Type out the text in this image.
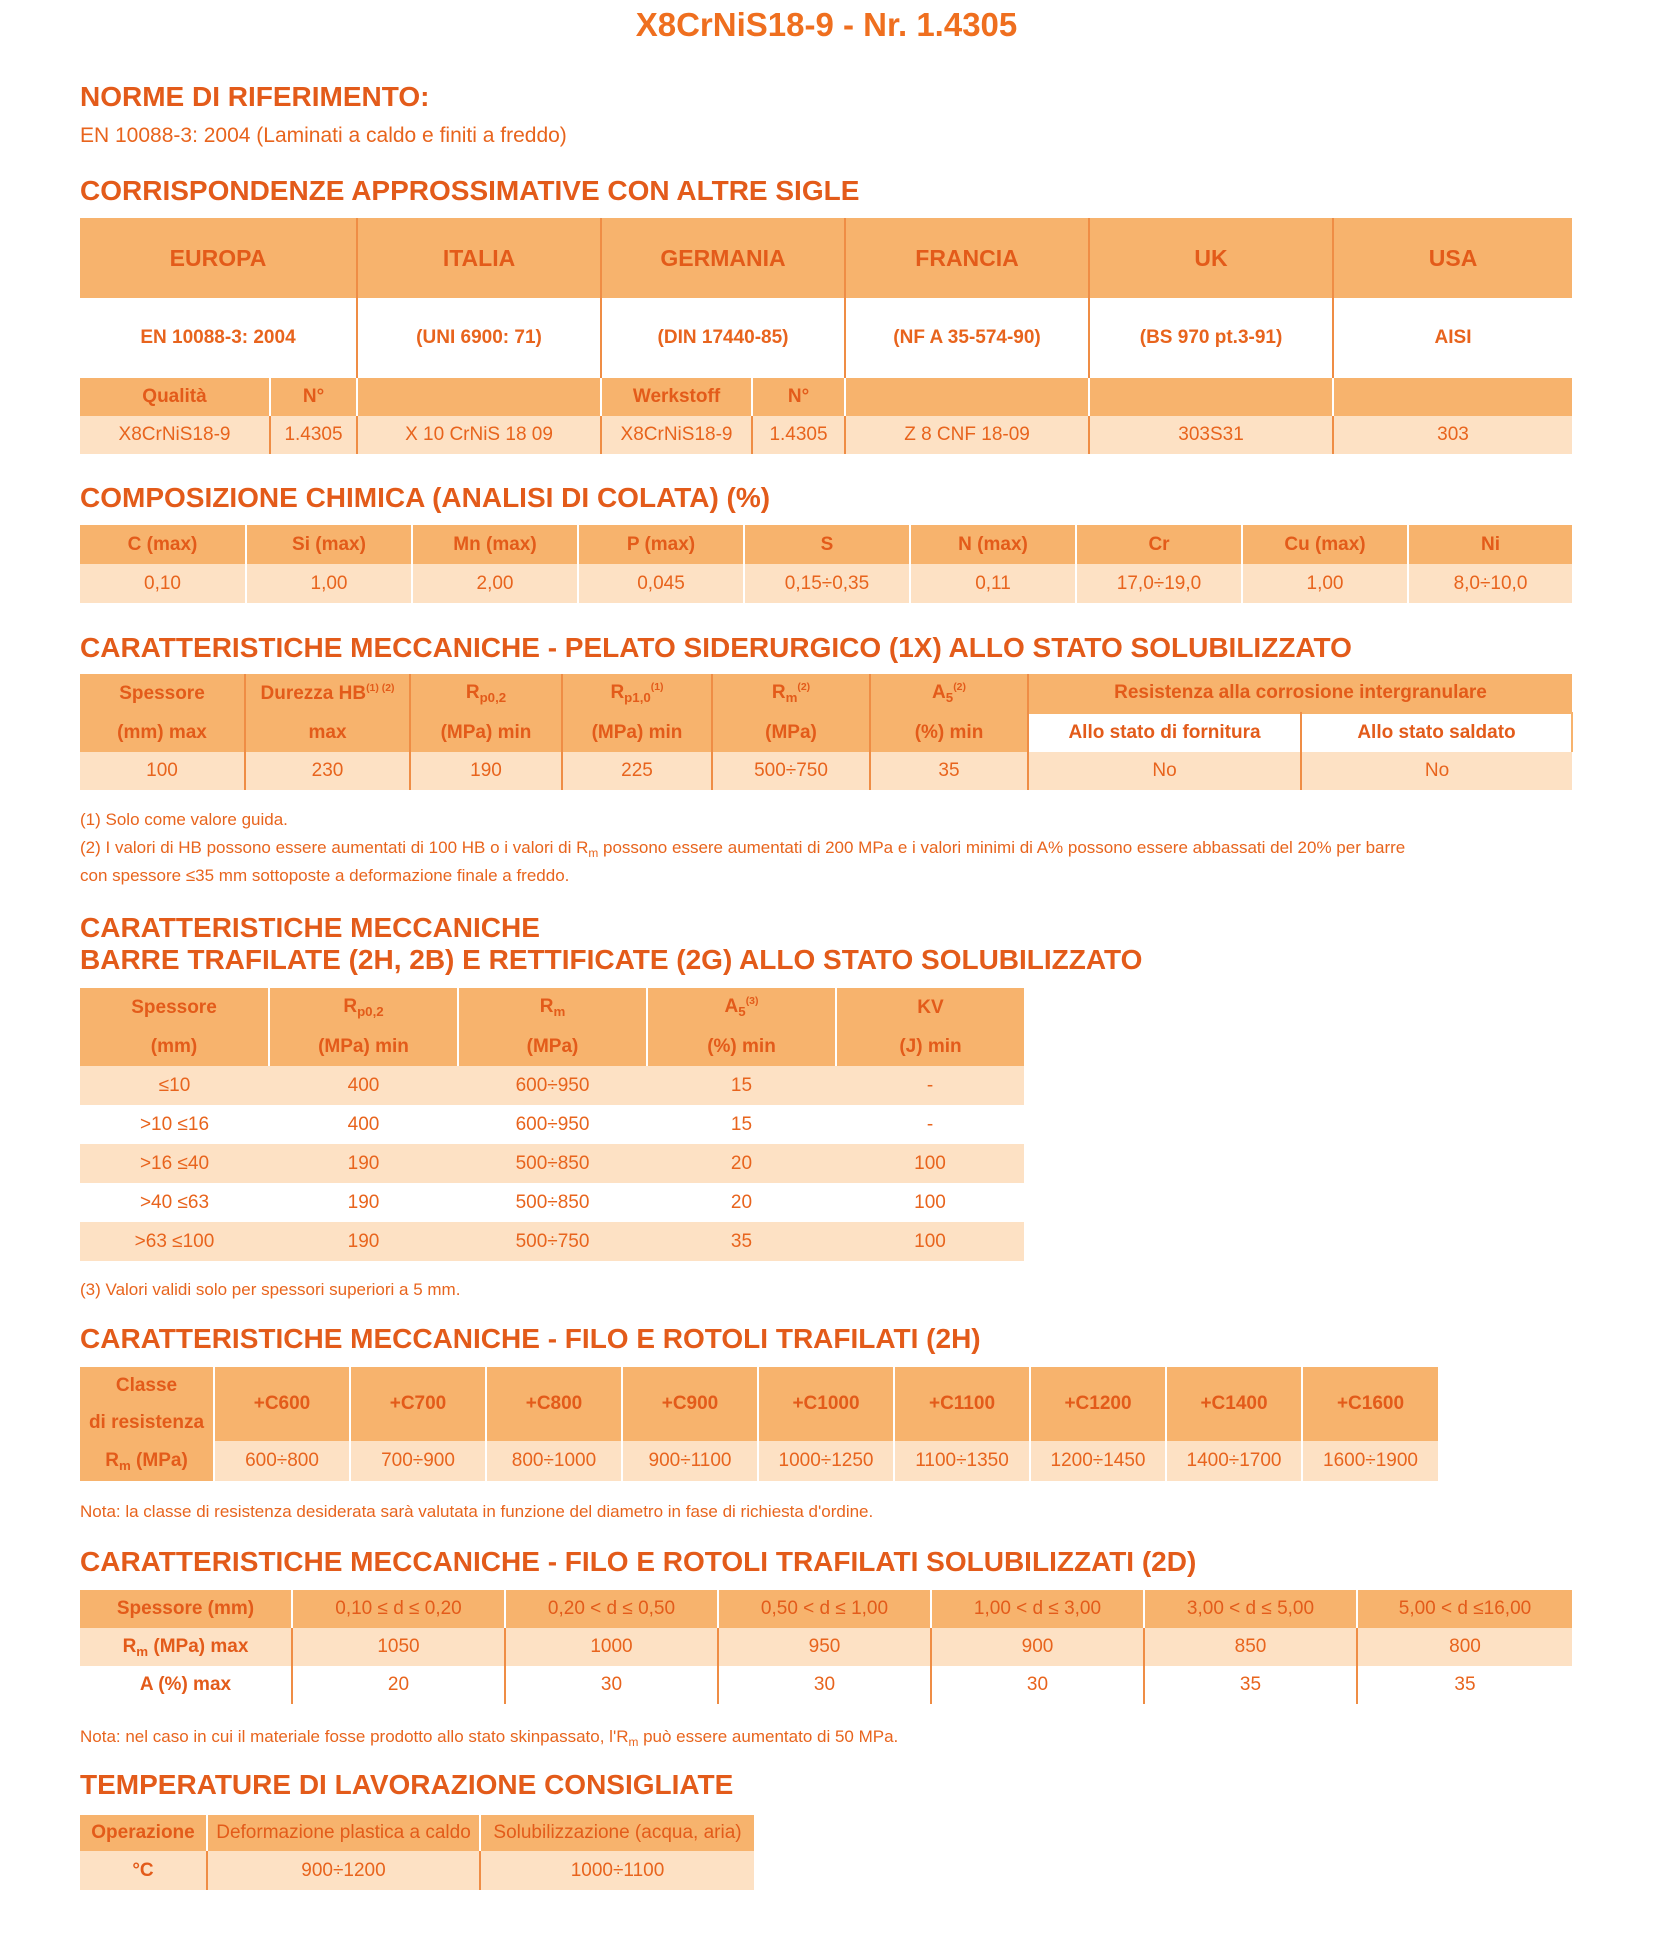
X8CrNiS18-9 - Nr. 1.4305
NORME DI RIFERIMENTO:
EN 10088-3: 2004 (Laminati a caldo e finiti a freddo)
CORRISPONDENZE APPROSSIMATIVE CON ALTRE SIGLE
EUROPA		ITALIA	GERMANIA		FRANCIA	UK	USA
EN 10088-3: 2004		(UNI 6900: 71)	(DIN 17440-85)		(NF A 35-574-90)	(BS 970 pt.3-91)	AISI
Qualità	N°		Werkstoff	N°			
X8CrNiS18-9	1.4305	X 10 CrNiS 18 09	X8CrNiS18-9	1.4305	Z 8 CNF 18-09	303S31	303
COMPOSIZIONE CHIMICA (ANALISI DI COLATA) (%)
C (max)	Si (max)	Mn (max)	P (max)	S	N (max)	Cr	Cu (max)	Ni
0,10	1,00	2,00	0,045	0,15÷0,35	0,11	17,0÷19,0	1,00	8,0÷10,0
CARATTERISTICHE MECCANICHE - PELATO SIDERURGICO (1X) ALLO STATO SOLUBILIZZATO
Spessore	Durezza $HB^{(1) (2)}$	$R_{p0,2}$	$R_{p1,0}^{(1)}$	$R_m^{(2)}$	$A_5^{(2)}$	Resistenza alla corrosione intergranulare	
(mm) max	max	(MPa) min	(MPa) min	(MPa)	(%) min	Allo stato di fornitura	Allo stato saldato
100	230	190	225	500÷750	35	No	No
(1) Solo come valore guida.
(2) I valori di HB possono essere aumentati di 100 HB o i valori di $R_m$ possono essere aumentati di 200 MPa e i valori minimi di A% possono essere abbassati del 20% per barre
con spessore ≤35 mm sottoposte a deformazione finale a freddo.
CARATTERISTICHE MECCANICHE
BARRE TRAFILATE (2H, 2B) E RETTIFICATE (2G) ALLO STATO SOLUBILIZZATO
Spessore	$R_{p0,2}$	$R_m$	$A_5^{(3)}$	KV
(mm)	(MPa) min	(MPa)	(%) min	(J) min
≤10	400	600÷950	15	-
>10 ≤16	400	600÷950	15	-
>16 ≤40	190	500÷850	20	100
>40 ≤63	190	500÷850	20	100
>63 ≤100	190	500÷750	35	100
(3) Valori validi solo per spessori superiori a 5 mm.
CARATTERISTICHE MECCANICHE - FILO E ROTOLI TRAFILATI (2H)
Classe	+C600	+C700	+C800	+C900	+C1000	+C1100	+C1200	+C1400	+C1600
di resistenza									
$R_m$ (MPa)	600÷800	700÷900	800÷1000	900÷1100	1000÷1250	1100÷1350	1200÷1450	1400÷1700	1600÷1900
Nota: la classe di resistenza desiderata sarà valutata in funzione del diametro in fase di richiesta d'ordine.
CARATTERISTICHE MECCANICHE - FILO E ROTOLI TRAFILATI SOLUBILIZZATI (2D)
Spessore (mm)	0,10 ≤ d ≤ 0,20	0,20 < d ≤ 0,50	0,50 < d ≤ 1,00	1,00 < d ≤ 3,00	3,00 < d ≤ 5,00	5,00 < d ≤16,00
$R_m$ (MPa) max	1050	1000	950	900	850	800
A (%) max	20	30	30	30	35	35
Nota: nel caso in cui il materiale fosse prodotto allo stato skinpassato, $l'R_m$ può essere aumentato di 50 MPa.
TEMPERATURE DI LAVORAZIONE CONSIGLIATE
Operazione	Deformazione plastica a caldo	Solubilizzazione (acqua, aria)
°C	900÷1200	1000÷1100
